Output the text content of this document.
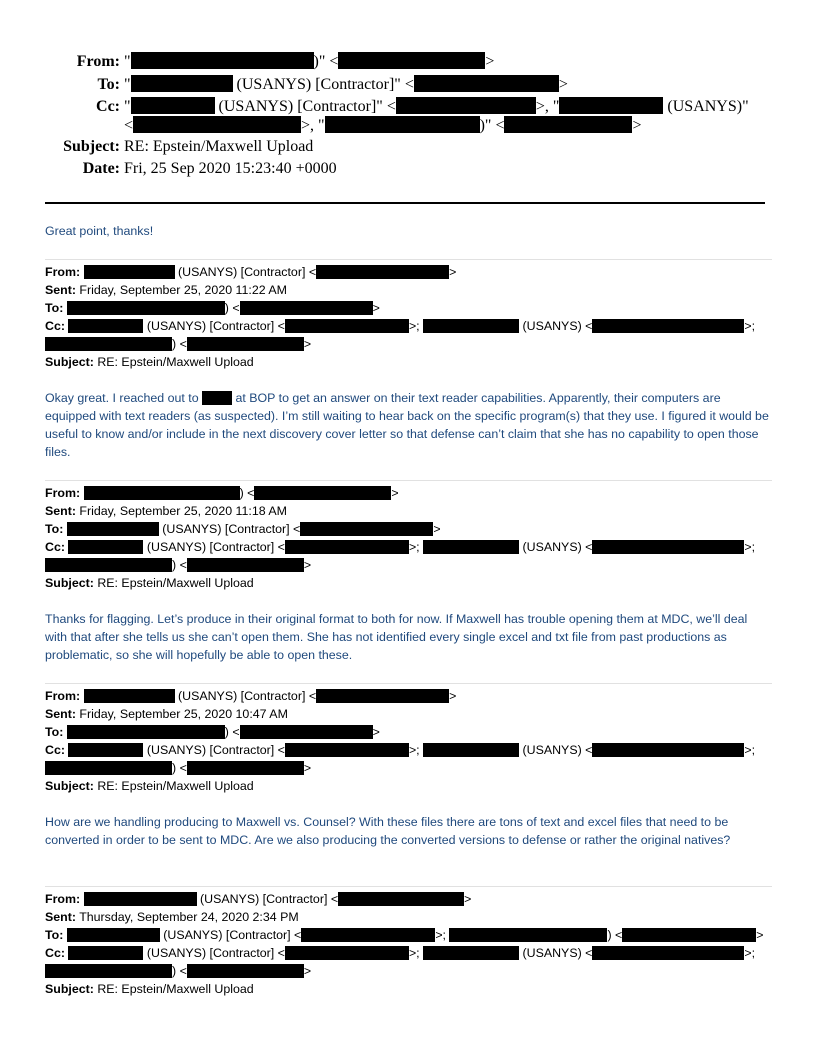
From: "	)" <	>
To: "	(USANYS) [Contractor]" <	>
Cc: "	(USANYS) [Contractor]" <	>, "	(USANYS)"
<	>, "	)" <	>
Subject: RE: Epstein/Maxwell Upload
Date: Fri, 25 Sep 2020 15:23:40 +0000
Great point, thanks!
From:	(USANYS) [Contractor] <	>
Sent: Friday, September 25, 2020 11:22 AM
To:	) <	>
Cc:	(USANYS) [Contractor] <	>;	(USANYS) <	>;
) <	>
Subject: RE: Epstein/Maxwell Upload
Okay great. I reached out to  at BOP to get an answer on their text reader capabilities. Apparently, their computers are equipped with text readers (as suspected). I’m still waiting to hear back on the specific program(s) that they use. I figured it would be useful to know and/or include in the next discovery cover letter so that defense can’t claim that she has no capability to open those files.
From:	) <	>
Sent: Friday, September 25, 2020 11:18 AM
To:	(USANYS) [Contractor] <	>
Cc:	(USANYS) [Contractor] <	>;	(USANYS) <	>;
) <	>
Subject: RE: Epstein/Maxwell Upload
Thanks for flagging. Let’s produce in their original format to both for now. If Maxwell has trouble opening them at MDC, we’ll deal with that after she tells us she can’t open them. She has not identified every single excel and txt file from past productions as problematic, so she will hopefully be able to open these.
From:	(USANYS) [Contractor] <	>
Sent: Friday, September 25, 2020 10:47 AM
To:	) <	>
Cc:	(USANYS) [Contractor] <	>;	(USANYS) <	>;
) <	>
Subject: RE: Epstein/Maxwell Upload
How are we handling producing to Maxwell vs. Counsel? With these files there are tons of text and excel files that need to be converted in order to be sent to MDC. Are we also producing the converted versions to defense or rather the original natives?
From:	(USANYS) [Contractor] <	>
Sent: Thursday, September 24, 2020 2:34 PM
To:	(USANYS) [Contractor] <	>;	) <	>
Cc:	(USANYS) [Contractor] <	>;	(USANYS) <	>;
) <	>
Subject: RE: Epstein/Maxwell Upload
